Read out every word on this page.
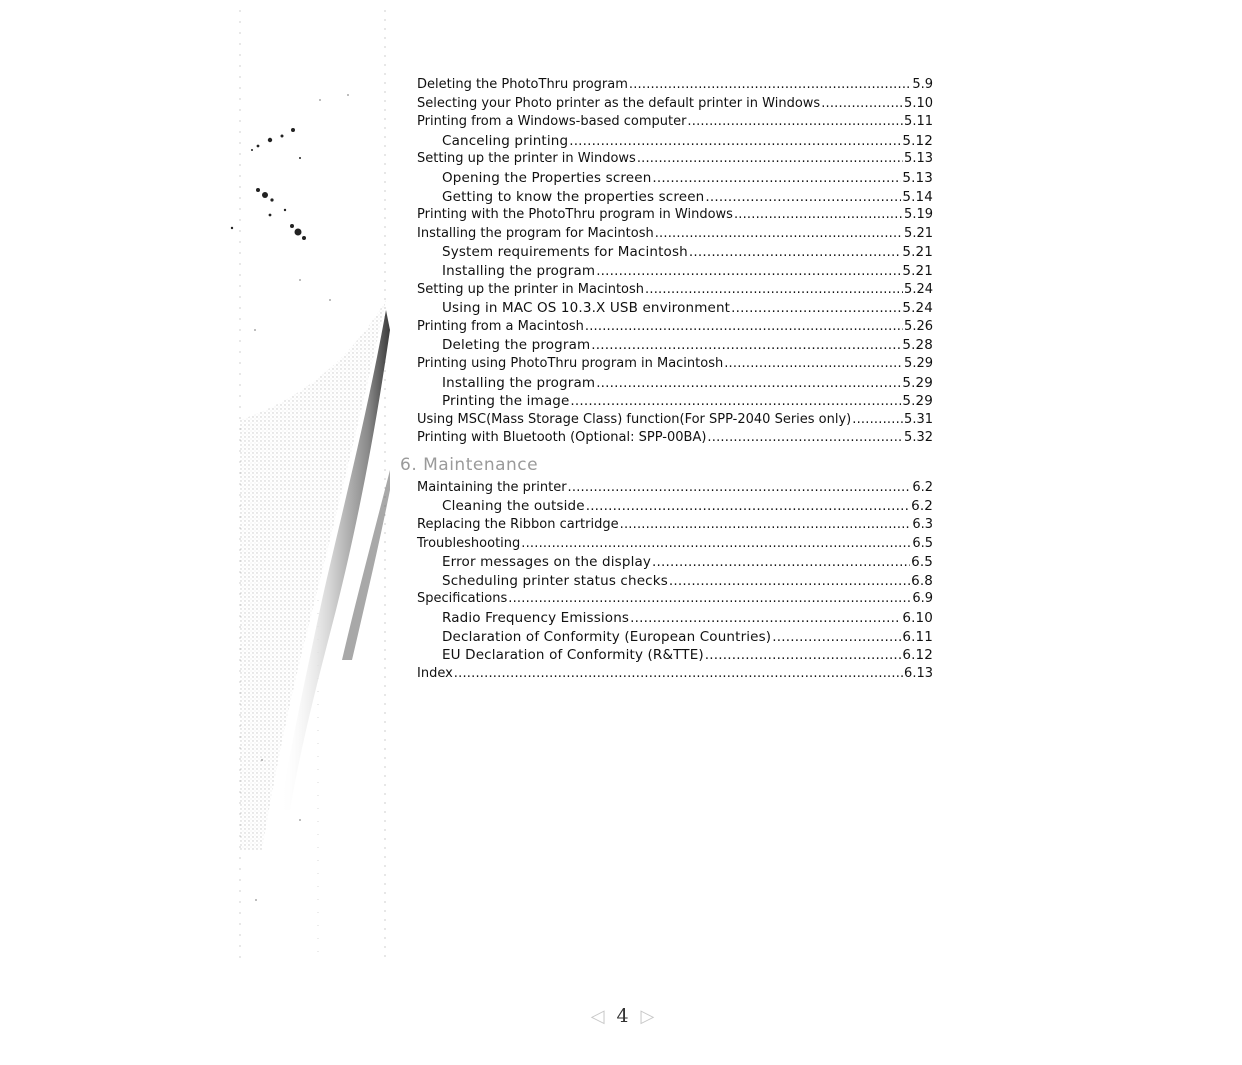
Deleting the PhotoThru program .....	5.9
Selecting your Photo printer as the default printer in Windows .....	5.10
Printing from a Windows-based computer .....	5.11
Canceling printing .....	5.12
Setting up the printer in Windows .....	5.13
Opening the Properties screen .....	5.13
Getting to know the properties screen .....	5.14
Printing with the PhotoThru program in Windows .....	5.19
Installing the program for Macintosh .....	5.21
System requirements for Macintosh .....	5.21
Installing the program .....	5.21
Setting up the printer in Macintosh .....	5.24
Using in MAC OS 10.3.X USB environment .....	5.24
Printing from a Macintosh .....	5.26
Deleting the program .....	5.28
Printing using PhotoThru program in Macintosh .....	5.29
Installing the program .....	5.29
Printing the image .....	5.29
Using MSC(Mass Storage Class) function(For SPP-2040 Series only) .....	5.31
Printing with Bluetooth (Optional: SPP-00BA) .....	5.32
6. Maintenance
Maintaining the printer .....	6.2
Cleaning the outside .....	6.2
Replacing the Ribbon cartridge .....	6.3
Troubleshooting .....	6.5
Error messages on the display .....	6.5
Scheduling printer status checks .....	6.8
Specifications .....	6.9
Radio Frequency Emissions .....	6.10
Declaration of Conformity (European Countries) .....	6.11
EU Declaration of Conformity (R&TTE) .....	6.12
Index .....	6.13
◁ 4 ▷
